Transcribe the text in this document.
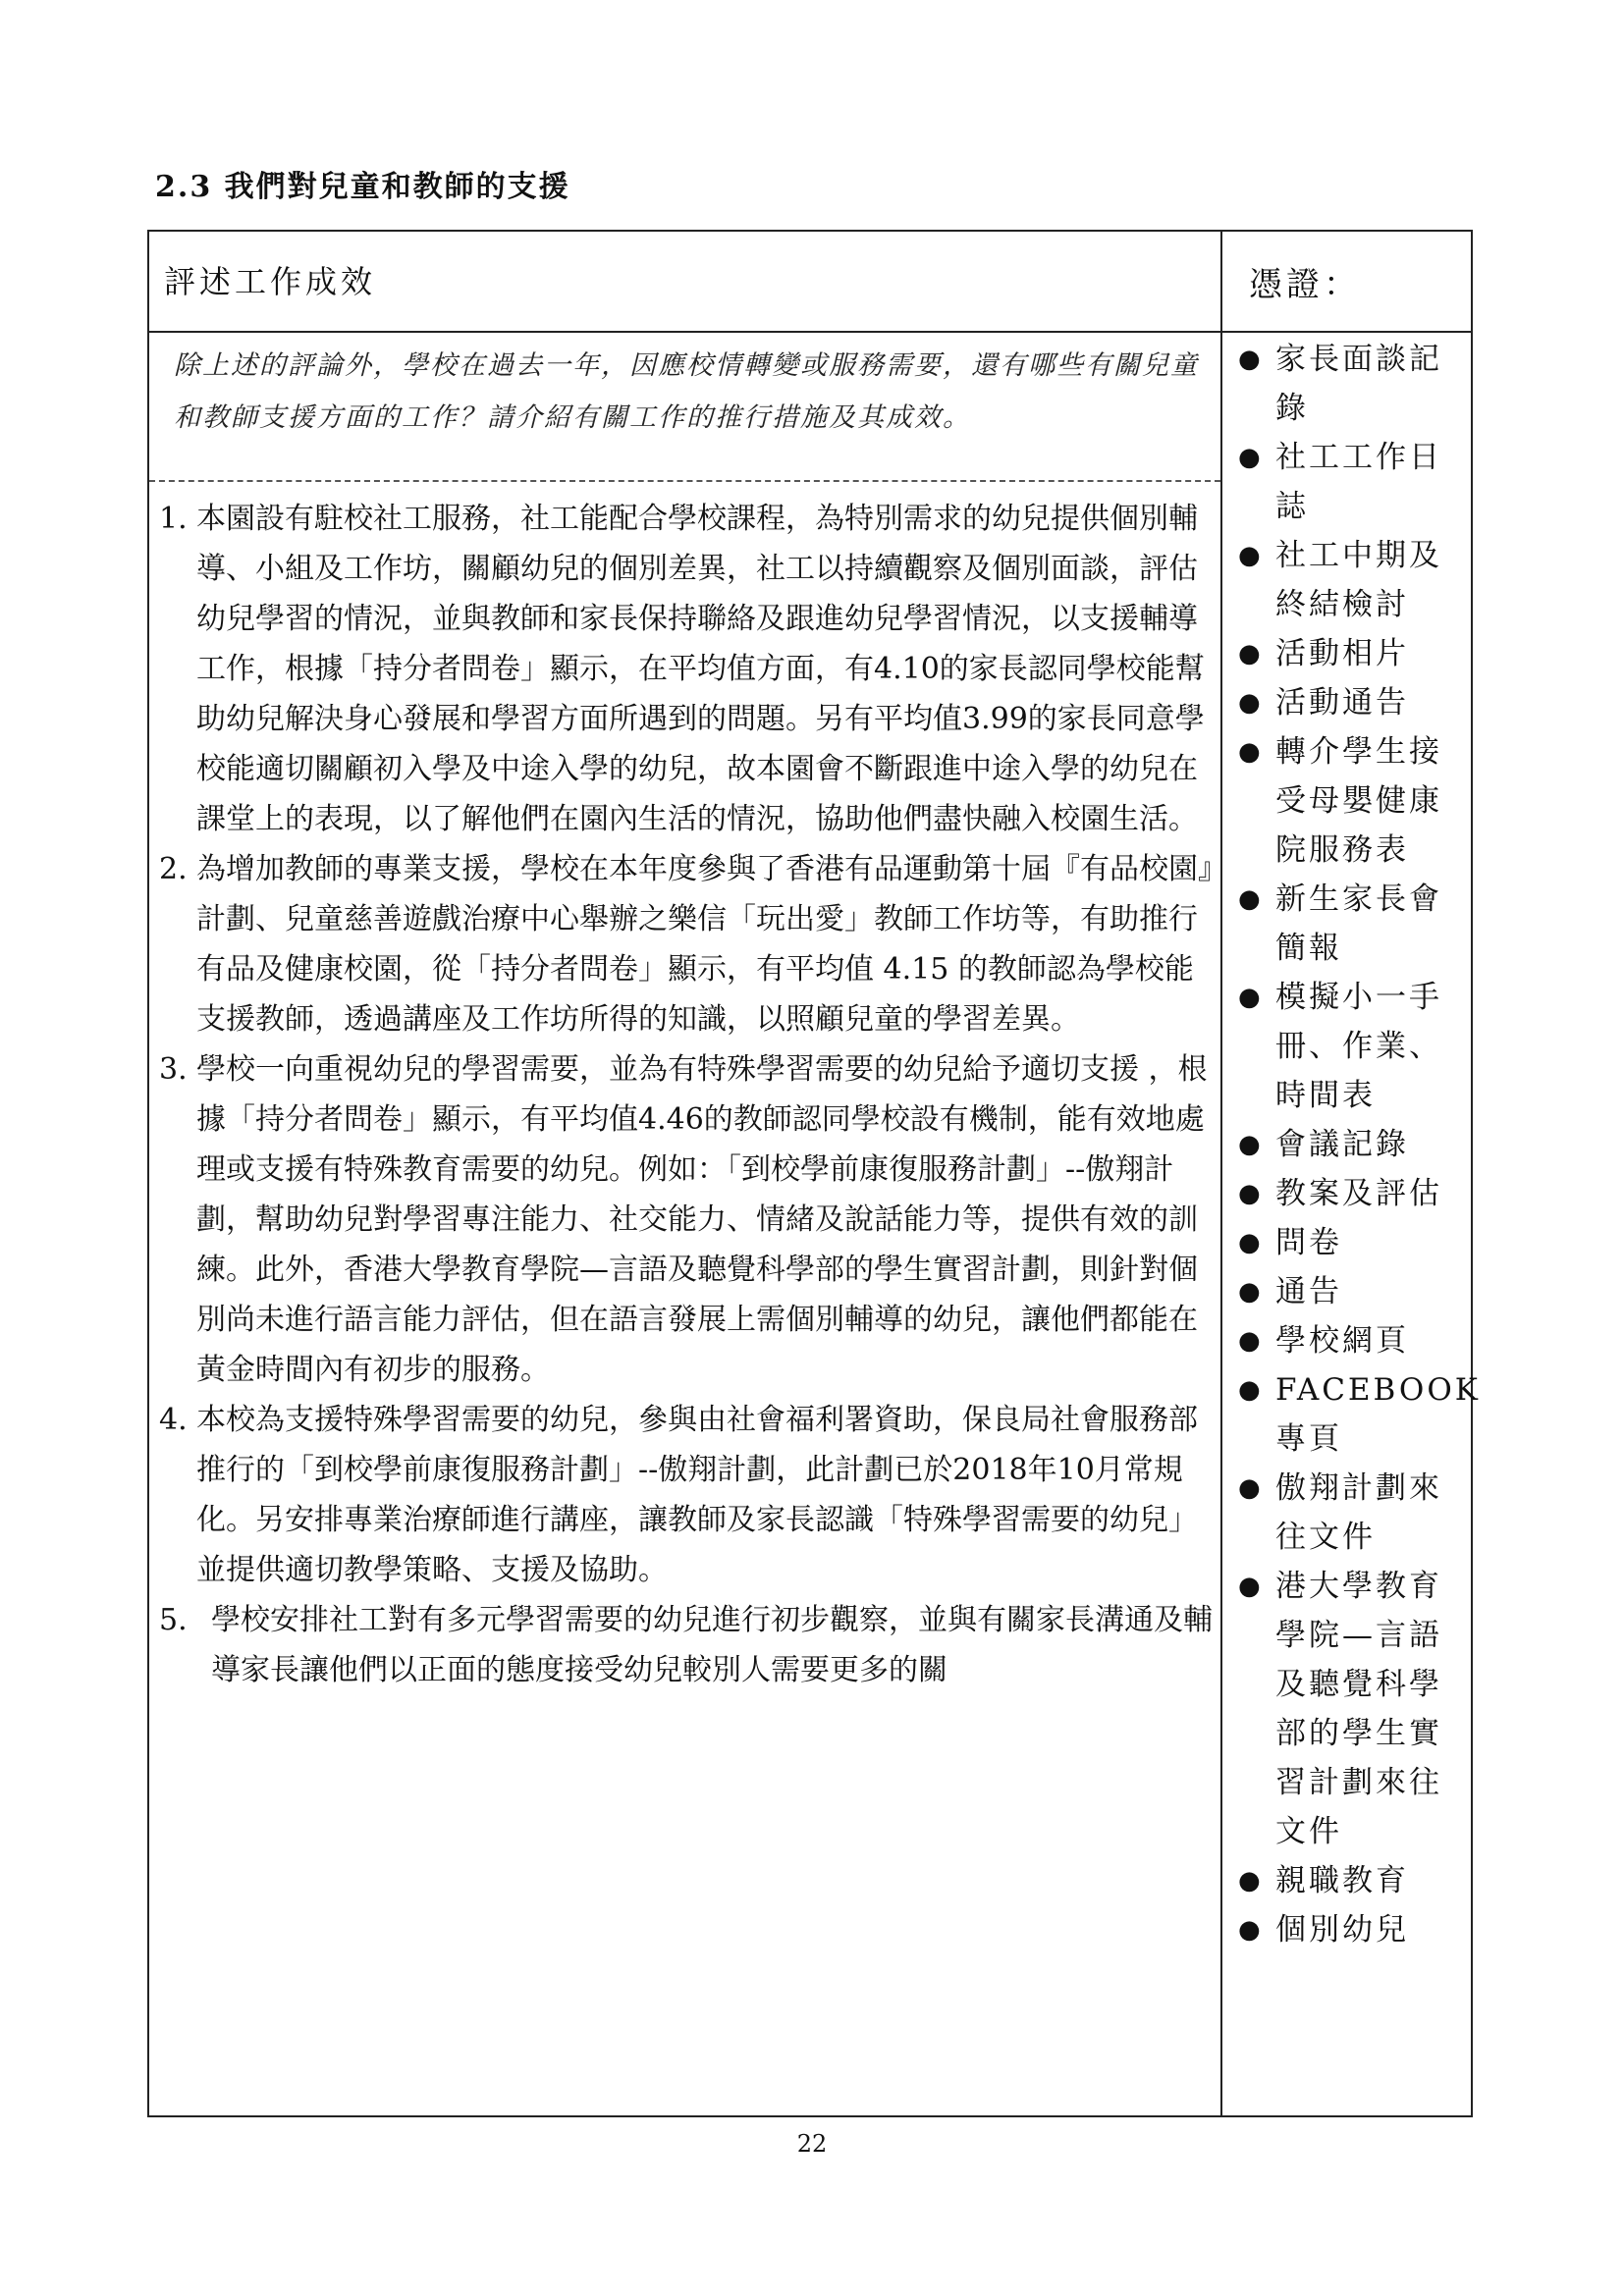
2.3 我們對兒童和教師的支援
評述工作成效	憑證：
除上述的評論外，學校在過去一年，因應校情轉變或服務需要，還有哪些有關兒童和教師支援方面的工作？請介紹有關工作的推行措施及其成效。
1. 本園設有駐校社工服務，社工能配合學校課程，為特別需求的幼兒提供個別輔導、小組及工作坊，關顧幼兒的個別差異，社工以持續觀察及個別面談，評估幼兒學習的情況，並與教師和家長保持聯絡及跟進幼兒學習情況，以支援輔導工作，根據「持分者問卷」顯示，在平均值方面，有4.10的家長認同學校能幫助幼兒解決身心發展和學習方面所遇到的問題。另有平均值3.99的家長同意學校能適切關顧初入學及中途入學的幼兒，故本園會不斷跟進中途入學的幼兒在課堂上的表現，以了解他們在園內生活的情況，協助他們盡快融入校園生活。
2. 為增加教師的專業支援，學校在本年度參與了香港有品運動第十屆『有品校園』計劃、兒童慈善遊戲治療中心舉辦之樂信「玩出愛」教師工作坊等，有助推行有品及健康校園，從「持分者問卷」顯示，有平均值 4.15 的教師認為學校能支援教師，透過講座及工作坊所得的知識，以照顧兒童的學習差異。
3. 學校一向重視幼兒的學習需要，並為有特殊學習需要的幼兒給予適切支援 ，根據「持分者問卷」顯示，有平均值4.46的教師認同學校設有機制，能有效地處理或支援有特殊教育需要的幼兒。例如：「到校學前康復服務計劃」--傲翔計劃，幫助幼兒對學習專注能力、社交能力、情緒及說話能力等，提供有效的訓練。此外，香港大學教育學院—言語及聽覺科學部的學生實習計劃，則針對個別尚未進行語言能力評估，但在語言發展上需個別輔導的幼兒，讓他們都能在黃金時間內有初步的服務。
4. 本校為支援特殊學習需要的幼兒，參與由社會福利署資助，保良局社會服務部推行的「到校學前康復服務計劃」--傲翔計劃，此計劃已於2018年10月常規化。另安排專業治療師進行講座，讓教師及家長認識「特殊學習需要的幼兒」並提供適切教學策略、支援及協助。
5. 學校安排社工對有多元學習需要的幼兒進行初步觀察，並與有關家長溝通及輔導家長讓他們以正面的態度接受幼兒較別人需要更多的關
● 家長面談記錄
● 社工工作日誌
● 社工中期及終結檢討
● 活動相片
● 活動通告
● 轉介學生接受母嬰健康院服務表
● 新生家長會簡報
● 模擬小一手冊、作業、時間表
● 會議記錄
● 教案及評估
● 問卷
● 通告
● 學校網頁
● FACEBOOK專頁
● 傲翔計劃來往文件
● 港大學教育學院—言語及聽覺科學部的學生實習計劃來往文件
● 親職教育
● 個別幼兒
22
